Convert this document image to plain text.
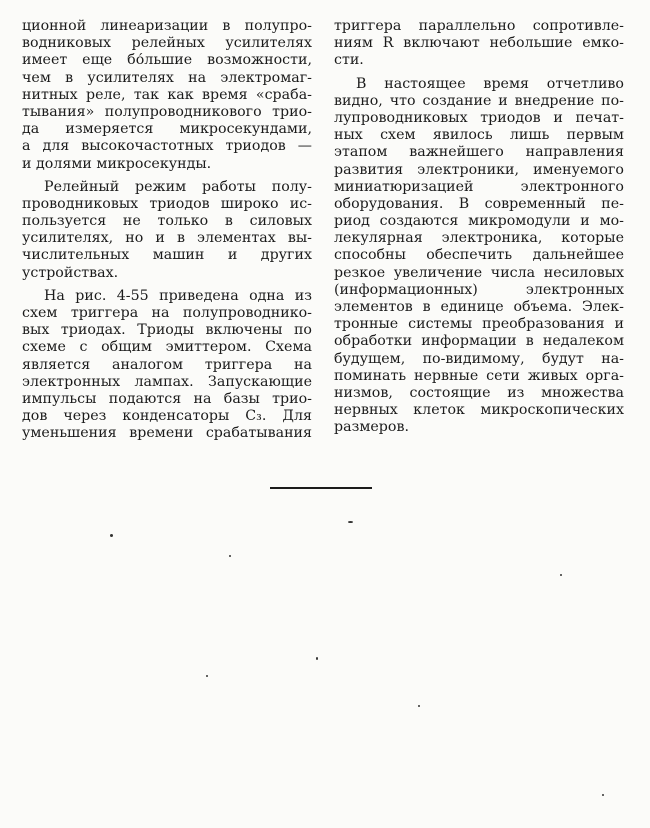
ционной линеаризации в полупро-
водниковых релейных усилителях
имеет еще бо́льшие возможности,
чем в усилителях на электромаг-
нитных реле, так как время «сраба-
тывания» полупроводникового трио-
да измеряется микросекундами,
а для высокочастотных триодов —
и долями микросекунды.
Релейный режим работы полу-
проводниковых триодов широко ис-
пользуется не только в силовых
усилителях, но и в элементах вы-
числительных машин и других
устройствах.
На рис. 4-55 приведена одна из
схем триггера на полупроводнико-
вых триодах. Триоды включены по
схеме с общим эмиттером. Схема
является аналогом триггера на
электронных лампах. Запускающие
импульсы подаются на базы трио-
дов через конденсаторы C₃. Для
уменьшения времени срабатывания
триггера параллельно сопротивле-
ниям R включают небольшие емко-
сти.
В настоящее время отчетливо
видно, что создание и внедрение по-
лупроводниковых триодов и печат-
ных схем явилось лишь первым
этапом важнейшего направления
развития электроники, именуемого
миниатюризацией электронного
оборудования. В современный пе-
риод создаются микромодули и мо-
лекулярная электроника, которые
способны обеспечить дальнейшее
резкое увеличение числа несиловых
(информационных) электронных
элементов в единице объема. Элек-
тронные системы преобразования и
обработки информации в недалеком
будущем, по-видимому, будут на-
поминать нервные сети живых орга-
низмов, состоящие из множества
нервных клеток микроскопических
размеров.
